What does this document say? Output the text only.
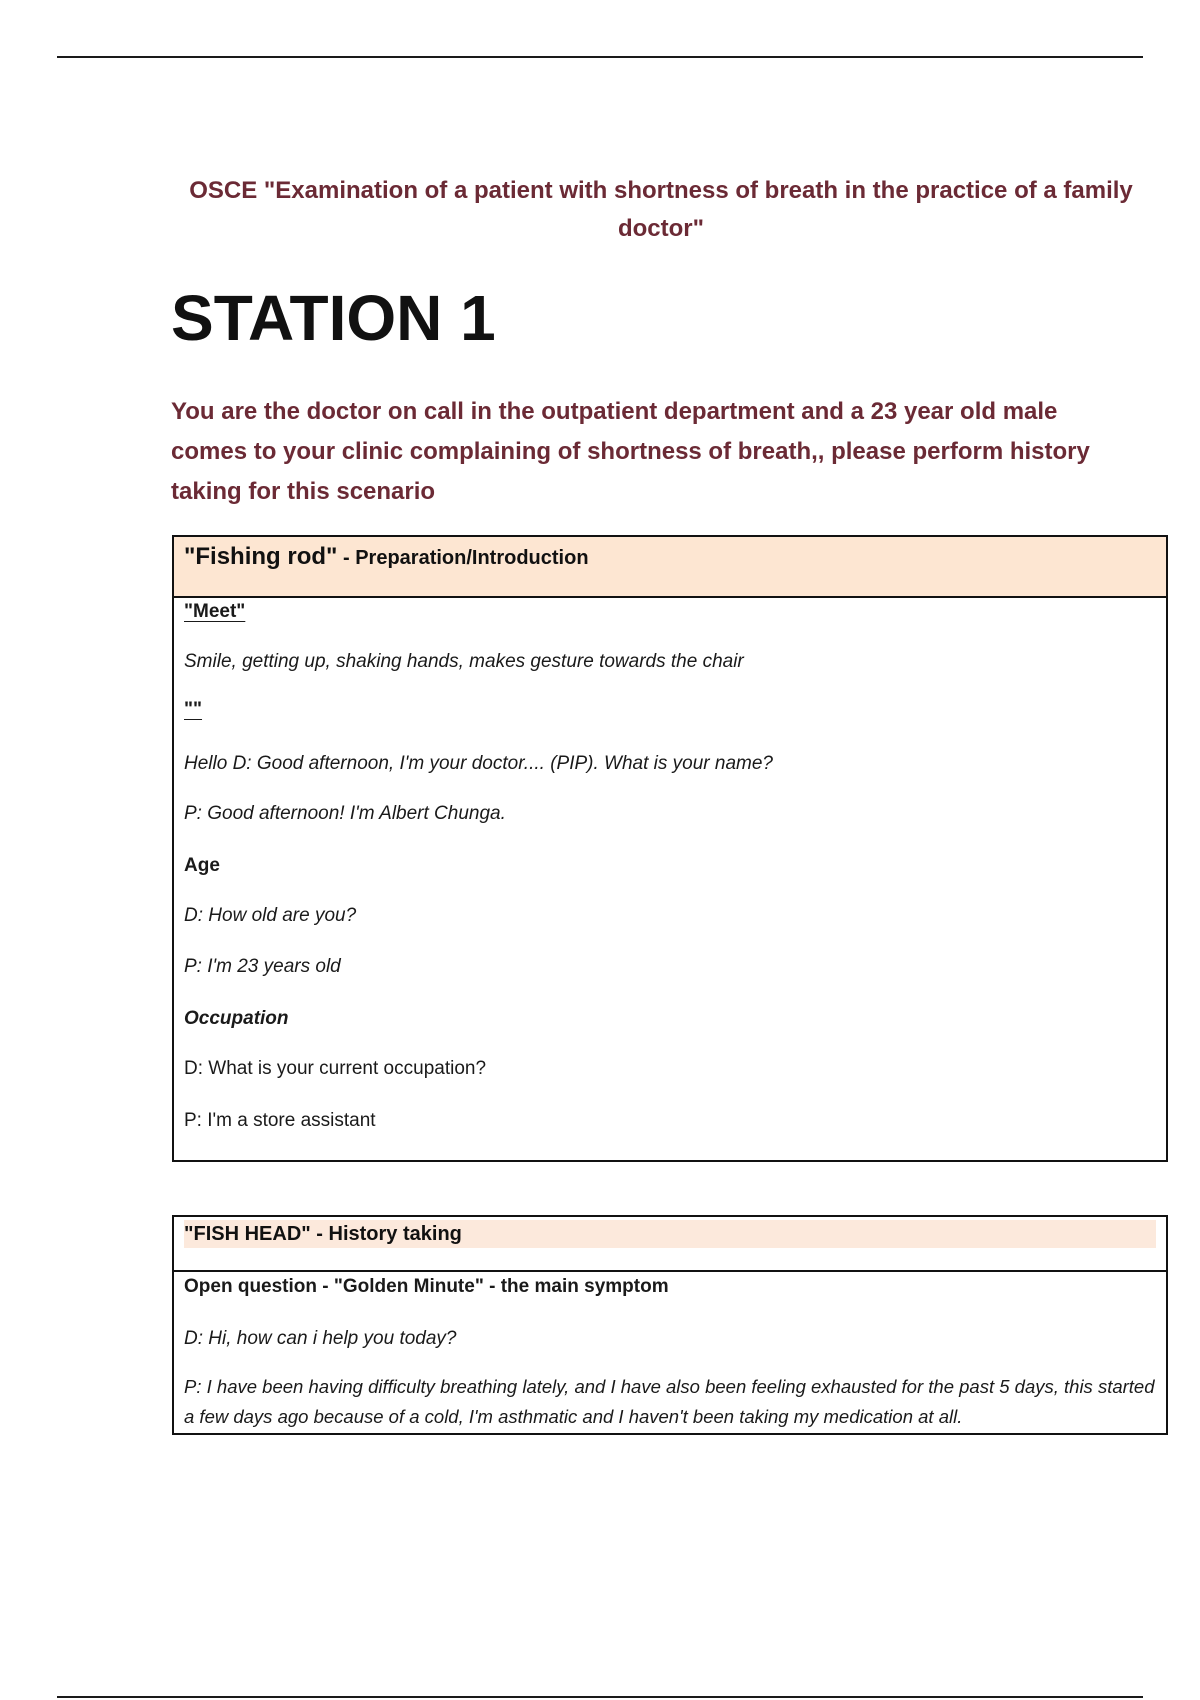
OSCE "Examination of a patient with shortness of breath in the practice of a family doctor"
STATION 1
You are the doctor on call in the outpatient department and a 23 year old male comes to your clinic complaining of shortness of breath,, please perform history taking for this scenario
"Fishing rod" - Preparation/Introduction
"Meet"
Smile, getting up, shaking hands, makes gesture towards the chair
""
Hello D: Good afternoon, I'm your doctor.... (PIP). What is your name?
P: Good afternoon! I'm Albert Chunga.
Age
D: How old are you?
P: I'm 23 years old
Occupation
D: What is your current occupation?
P: I'm a store assistant
"FISH HEAD" - History taking
Open question - "Golden Minute" - the main symptom
D: Hi, how can i help you today?
P: I have been having difficulty breathing lately, and I have also been feeling exhausted for the past 5 days, this started a few days ago because of a cold, I'm asthmatic and I haven't been taking my medication at all.
